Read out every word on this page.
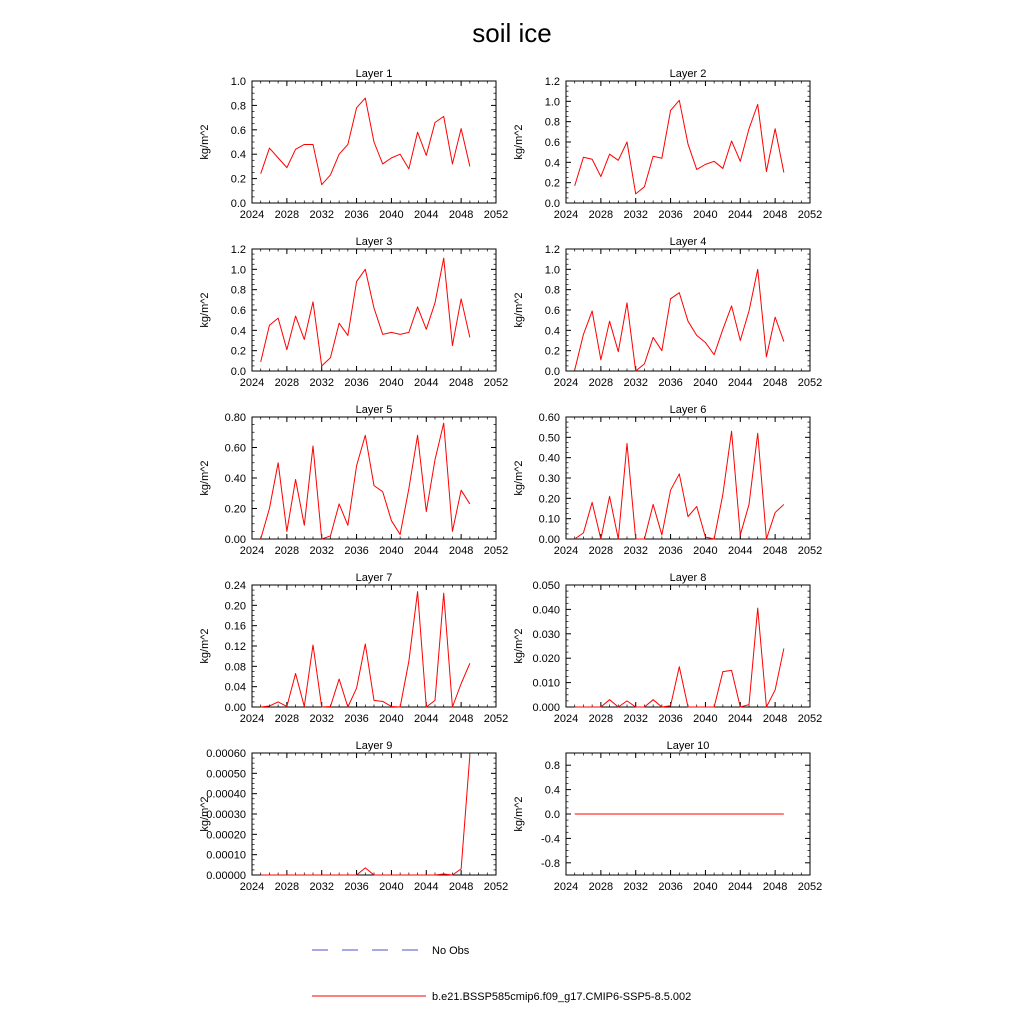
soil ice
Layer 1
kg/m^2
2024 2028 2032 2036 2040 2044 2048 2052
0.0
0.2
0.4
0.6
0.8
1.0
Layer 2
kg/m^2
2024 2028 2032 2036 2040 2044 2048 2052
0.0
0.2
0.4
0.6
0.8
1.0
1.2
Layer 3
kg/m^2
2024 2028 2032 2036 2040 2044 2048 2052
0.0
0.2
0.4
0.6
0.8
1.0
1.2
Layer 4
kg/m^2
2024 2028 2032 2036 2040 2044 2048 2052
0.0
0.2
0.4
0.6
0.8
1.0
1.2
Layer 5
kg/m^2
2024 2028 2032 2036 2040 2044 2048 2052
0.00
0.20
0.40
0.60
0.80
Layer 6
kg/m^2
2024 2028 2032 2036 2040 2044 2048 2052
0.00
0.10
0.20
0.30
0.40
0.50
0.60
Layer 7
kg/m^2
2024 2028 2032 2036 2040 2044 2048 2052
0.00
0.04
0.08
0.12
0.16
0.20
0.24
Layer 8
kg/m^2
2024 2028 2032 2036 2040 2044 2048 2052
0.000
0.010
0.020
0.030
0.040
0.050
Layer 9
kg/m^2
2024 2028 2032 2036 2040 2044 2048 2052
0.00000
0.00010
0.00020
0.00030
0.00040
0.00050
0.00060
Layer 10
kg/m^2
2024 2028 2032 2036 2040 2044 2048 2052
-0.8
-0.4
0.0
0.4
0.8
No Obs
b.e21.BSSP585cmip6.f09_g17.CMIP6-SSP5-8.5.002
